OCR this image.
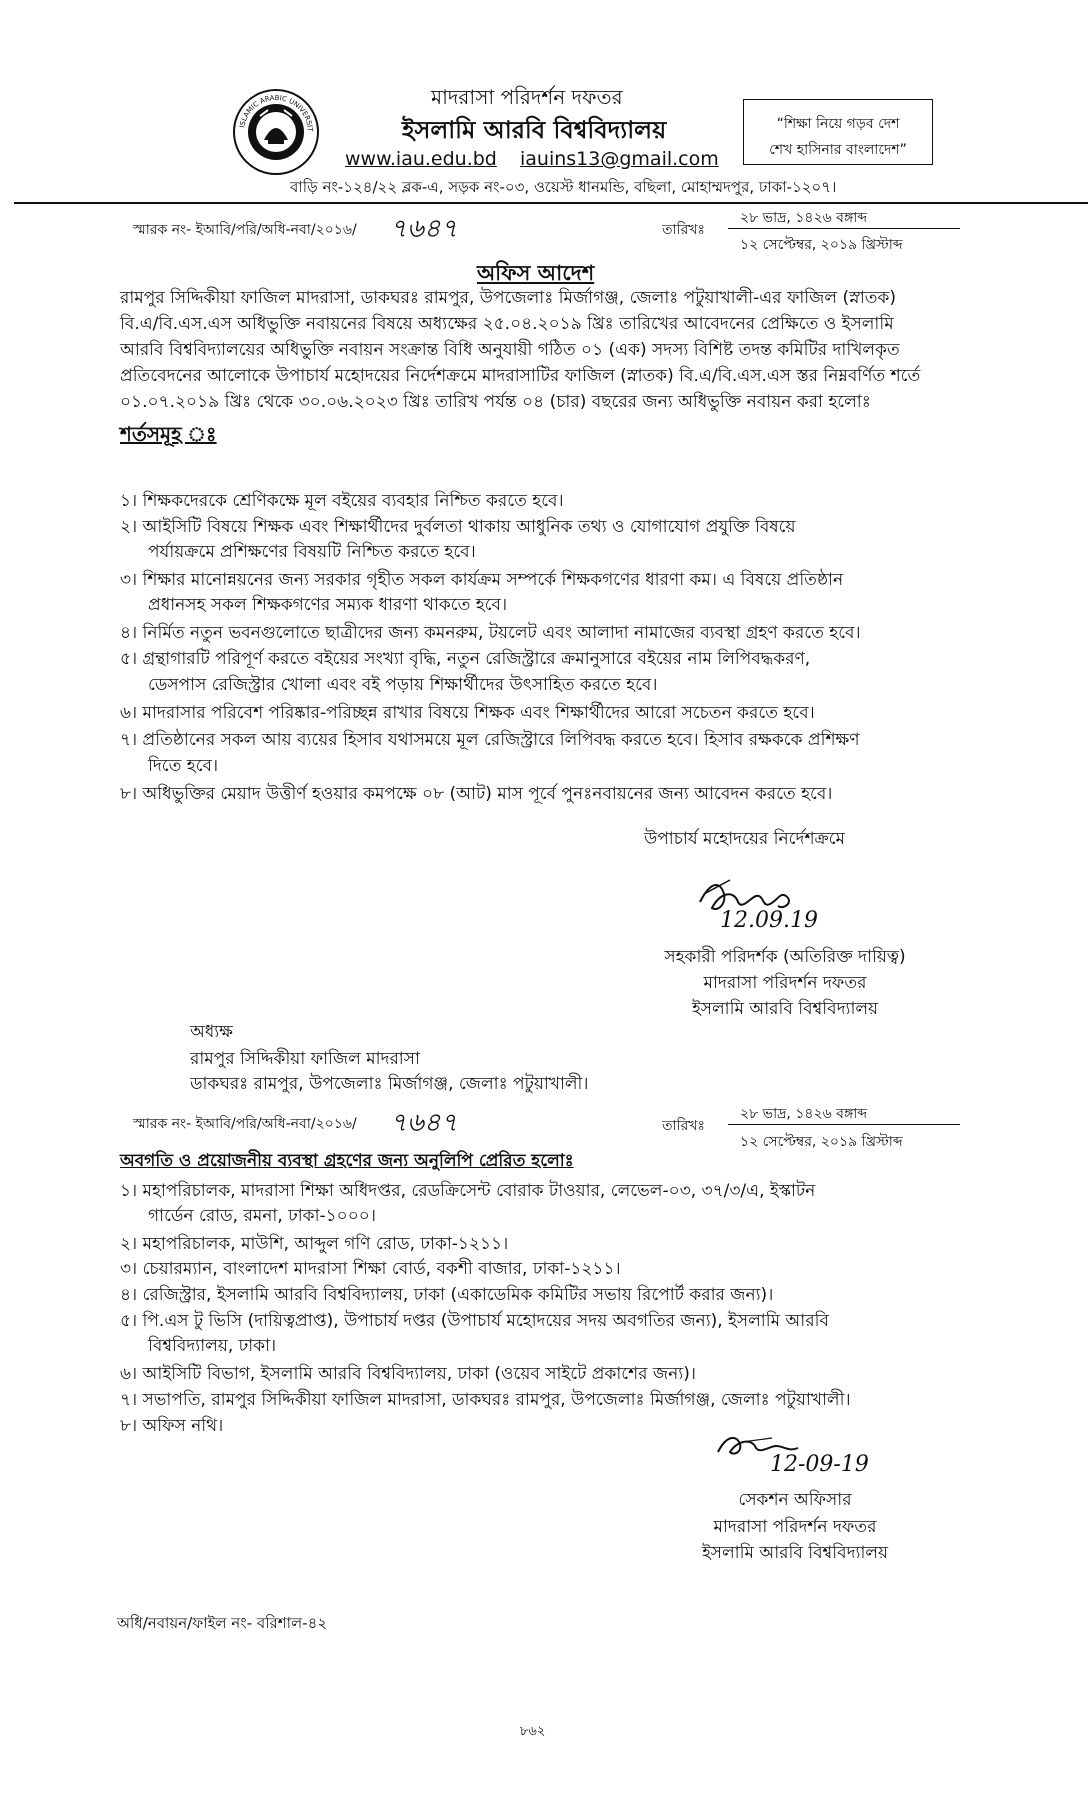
ISLAMIC ARABIC UNIVERSIT
মাদরাসা পরিদর্শন দফতর
ইসলামি আরবি বিশ্ববিদ্যালয়
www.iau.edu.bd iauins13@gmail.com
বাড়ি নং-১২৪/২২ ব্লক-এ, সড়ক নং-০৩, ওয়েস্ট ধানমন্ডি, বছিলা, মোহাম্মদপুর, ঢাকা-১২০৭।
“শিক্ষা নিয়ে গড়ব দেশ
শেখ হাসিনার বাংলাদেশ”
স্মারক নং- ইআবি/পরি/অধি-নবা/২০১৬/ ৭৬৪৭	তারিখঃ
২৮ ভাদ্র, ১৪২৬ বঙ্গাব্দ
১২ সেপ্টেম্বর, ২০১৯ খ্রিস্টাব্দ
অফিস আদেশ
রামপুর সিদ্দিকীয়া ফাজিল মাদরাসা, ডাকঘরঃ রামপুর, উপজেলাঃ মির্জাগঞ্জ, জেলাঃ পটুয়াখালী-এর ফাজিল (স্নাতক)
বি.এ/বি.এস.এস অধিভুক্তি নবায়নের বিষয়ে অধ্যক্ষের ২৫.০৪.২০১৯ খ্রিঃ তারিখের আবেদনের প্রেক্ষিতে ও ইসলামি
আরবি বিশ্ববিদ্যালয়ের অধিভুক্তি নবায়ন সংক্রান্ত বিধি অনুযায়ী গঠিত ০১ (এক) সদস্য বিশিষ্ট তদন্ত কমিটির দাখিলকৃত
প্রতিবেদনের আলোকে উপাচার্য মহোদয়ের নির্দেশক্রমে মাদরাসাটির ফাজিল (স্নাতক) বি.এ/বি.এস.এস স্তর নিম্নবর্ণিত শর্তে
০১.০৭.২০১৯ খ্রিঃ থেকে ৩০.০৬.২০২৩ খ্রিঃ তারিখ পর্যন্ত ০৪ (চার) বছরের জন্য অধিভুক্তি নবায়ন করা হলোঃ
শর্তসমূহ ঃ
১। শিক্ষকদেরকে শ্রেণিকক্ষে মূল বইয়ের ব্যবহার নিশ্চিত করতে হবে।
২। আইসিটি বিষয়ে শিক্ষক এবং শিক্ষার্থীদের দুর্বলতা থাকায় আধুনিক তথ্য ও যোগাযোগ প্রযুক্তি বিষয়ে
পর্যায়ক্রমে প্রশিক্ষণের বিষয়টি নিশ্চিত করতে হবে।
৩। শিক্ষার মানোন্নয়নের জন্য সরকার গৃহীত সকল কার্যক্রম সম্পর্কে শিক্ষকগণের ধারণা কম। এ বিষয়ে প্রতিষ্ঠান
প্রধানসহ সকল শিক্ষকগণের সম্যক ধারণা থাকতে হবে।
৪। নির্মিত নতুন ভবনগুলোতে ছাত্রীদের জন্য কমনরুম, টয়লেট এবং আলাদা নামাজের ব্যবস্থা গ্রহণ করতে হবে।
৫। গ্রন্থাগারটি পরিপূর্ণ করতে বইয়ের সংখ্যা বৃদ্ধি, নতুন রেজিস্ট্রারে ক্রমানুসারে বইয়ের নাম লিপিবদ্ধকরণ,
ডেসপাস রেজিস্ট্রার খোলা এবং বই পড়ায় শিক্ষার্থীদের উৎসাহিত করতে হবে।
৬। মাদরাসার পরিবেশ পরিষ্কার-পরিচ্ছন্ন রাখার বিষয়ে শিক্ষক এবং শিক্ষার্থীদের আরো সচেতন করতে হবে।
৭। প্রতিষ্ঠানের সকল আয় ব্যয়ের হিসাব যথাসময়ে মূল রেজিস্ট্রারে লিপিবদ্ধ করতে হবে। হিসাব রক্ষককে প্রশিক্ষণ
দিতে হবে।
৮। অধিভুক্তির মেয়াদ উত্তীর্ণ হওয়ার কমপক্ষে ০৮ (আট) মাস পূর্বে পুনঃনবায়নের জন্য আবেদন করতে হবে।
উপাচার্য মহোদয়ের নির্দেশক্রমে
12.09.19
সহকারী পরিদর্শক (অতিরিক্ত দায়িত্ব)
মাদরাসা পরিদর্শন দফতর
ইসলামি আরবি বিশ্ববিদ্যালয়
অধ্যক্ষ
রামপুর সিদ্দিকীয়া ফাজিল মাদরাসা
ডাকঘরঃ রামপুর, উপজেলাঃ মির্জাগঞ্জ, জেলাঃ পটুয়াখালী।
স্মারক নং- ইআবি/পরি/অধি-নবা/২০১৬/ ৭৬৪৭	তারিখঃ
২৮ ভাদ্র, ১৪২৬ বঙ্গাব্দ
১২ সেপ্টেম্বর, ২০১৯ খ্রিস্টাব্দ
অবগতি ও প্রয়োজনীয় ব্যবস্থা গ্রহণের জন্য অনুলিপি প্রেরিত হলোঃ
১। মহাপরিচালক, মাদরাসা শিক্ষা অধিদপ্তর, রেডক্রিসেন্ট বোরাক টাওয়ার, লেভেল-০৩, ৩৭/৩/এ, ইস্কাটন
গার্ডেন রোড, রমনা, ঢাকা-১০০০।
২। মহাপরিচালক, মাউশি, আব্দুল গণি রোড, ঢাকা-১২১১।
৩। চেয়ারম্যান, বাংলাদেশ মাদরাসা শিক্ষা বোর্ড, বকশী বাজার, ঢাকা-১২১১।
৪। রেজিস্ট্রার, ইসলামি আরবি বিশ্ববিদ্যালয়, ঢাকা (একাডেমিক কমিটির সভায় রিপোর্ট করার জন্য)।
৫। পি.এস টু ভিসি (দায়িত্বপ্রাপ্ত), উপাচার্য দপ্তর (উপাচার্য মহোদয়ের সদয় অবগতির জন্য), ইসলামি আরবি
বিশ্ববিদ্যালয়, ঢাকা।
৬। আইসিটি বিভাগ, ইসলামি আরবি বিশ্ববিদ্যালয়, ঢাকা (ওয়েব সাইটে প্রকাশের জন্য)।
৭। সভাপতি, রামপুর সিদ্দিকীয়া ফাজিল মাদরাসা, ডাকঘরঃ রামপুর, উপজেলাঃ মির্জাগঞ্জ, জেলাঃ পটুয়াখালী।
৮। অফিস নথি।
12-09-19
সেকশন অফিসার
মাদরাসা পরিদর্শন দফতর
ইসলামি আরবি বিশ্ববিদ্যালয়
অধি/নবায়ন/ফাইল নং- বরিশাল-৪২
৮৬২
